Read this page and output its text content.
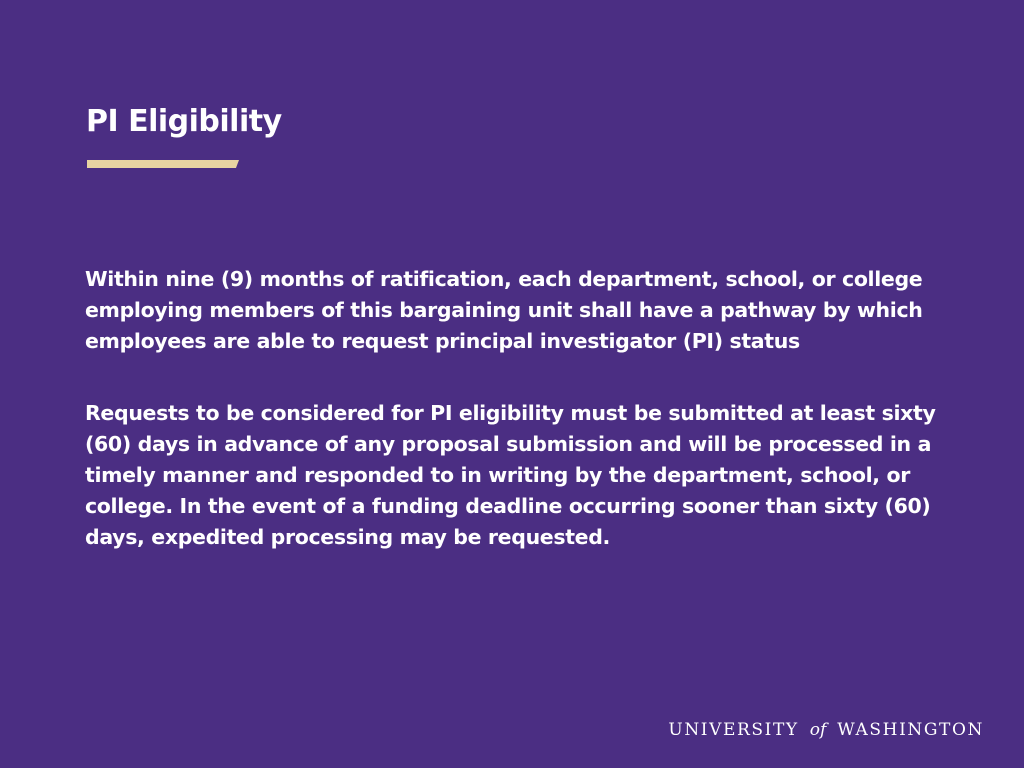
PI Eligibility

Within nine (9) months of ratification, each department, school, or college employing members of this bargaining unit shall have a pathway by which employees are able to request principal investigator (PI) status

Requests to be considered for PI eligibility must be submitted at least sixty (60) days in advance of any proposal submission and will be processed in a timely manner and responded to in writing by the department, school, or college. In the event of a funding deadline occurring sooner than sixty (60) days, expedited processing may be requested.

UNIVERSITY of WASHINGTON
